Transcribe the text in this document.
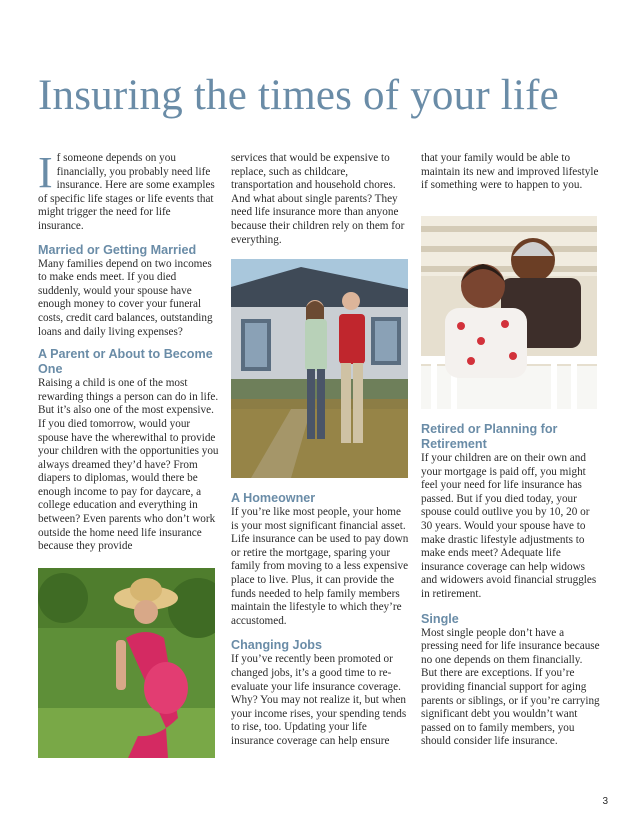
Insuring the times of your life

If someone depends on you financially, you probably need life insurance. Here are some examples of specific life stages or life events that might trigger the need for life insurance.

Married or Getting Married

Many families depend on two incomes to make ends meet. If you died suddenly, would your spouse have enough money to cover your funeral costs, credit card balances, outstanding loans and daily living expenses?

A Parent or About to Become One

Raising a child is one of the most rewarding things a person can do in life. But it’s also one of the most expensive. If you died tomorrow, would your spouse have the wherewithal to provide your children with the opportunities you always dreamed they’d have? From diapers to diplomas, would there be enough income to pay for daycare, a college education and everything in between? Even parents who don’t work outside the home need life insurance because they provide

services that would be expensive to replace, such as childcare, transportation and household chores. And what about single parents? They need life insurance more than anyone because their children rely on them for everything.

A Homeowner

If you’re like most people, your home is your most significant financial asset. Life insurance can be used to pay down or retire the mortgage, sparing your family from moving to a less expensive place to live. Plus, it can provide the funds needed to help family members maintain the lifestyle to which they’re accustomed.

Changing Jobs

If you’ve recently been promoted or changed jobs, it’s a good time to re-evaluate your life insurance coverage. Why? You may not realize it, but when your income rises, your spending tends to rise, too. Updating your life insurance coverage can help ensure

that your family would be able to maintain its new and improved lifestyle if something were to happen to you.

Retired or Planning for Retirement

If your children are on their own and your mortgage is paid off, you might feel your need for life insurance has passed. But if you died today, your spouse could outlive you by 10, 20 or 30 years. Would your spouse have to make drastic lifestyle adjustments to make ends meet? Adequate life insurance coverage can help widows and widowers avoid financial struggles in retirement.

Single

Most single people don’t have a pressing need for life insurance because no one depends on them financially. But there are exceptions. If you’re providing financial support for aging parents or siblings, or if you’re carrying significant debt you wouldn’t want passed on to family members, you should consider life insurance.

3
